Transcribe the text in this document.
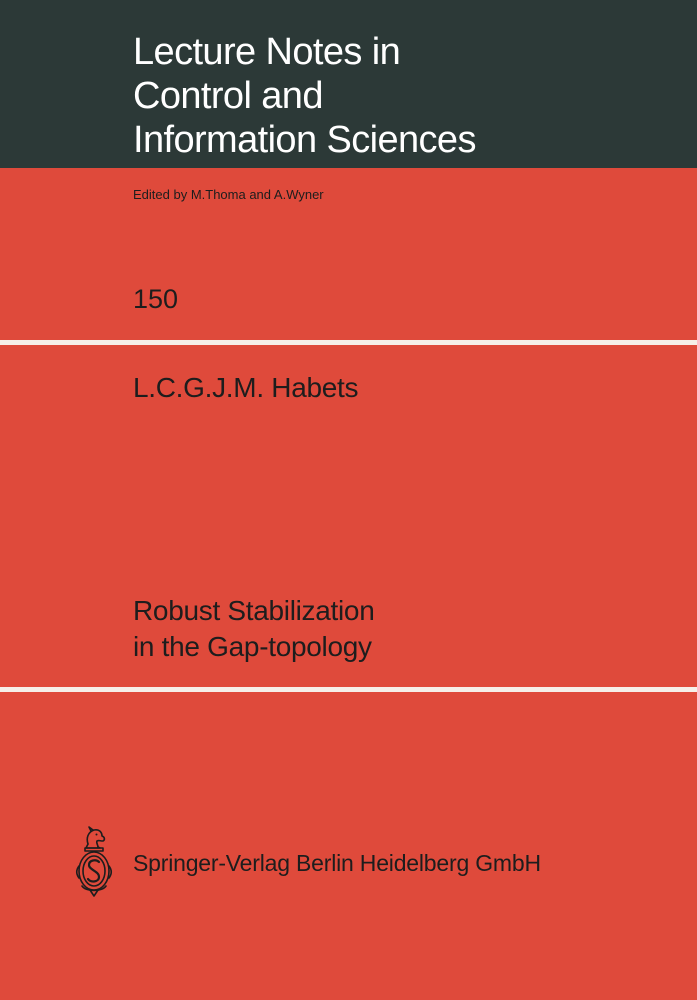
Lecture Notes in
Control and
Information Sciences
Edited by M.Thoma and A.Wyner
150
L.C.G.J.M. Habets
Robust Stabilization
in the Gap-topology
Springer-Verlag Berlin Heidelberg GmbH
